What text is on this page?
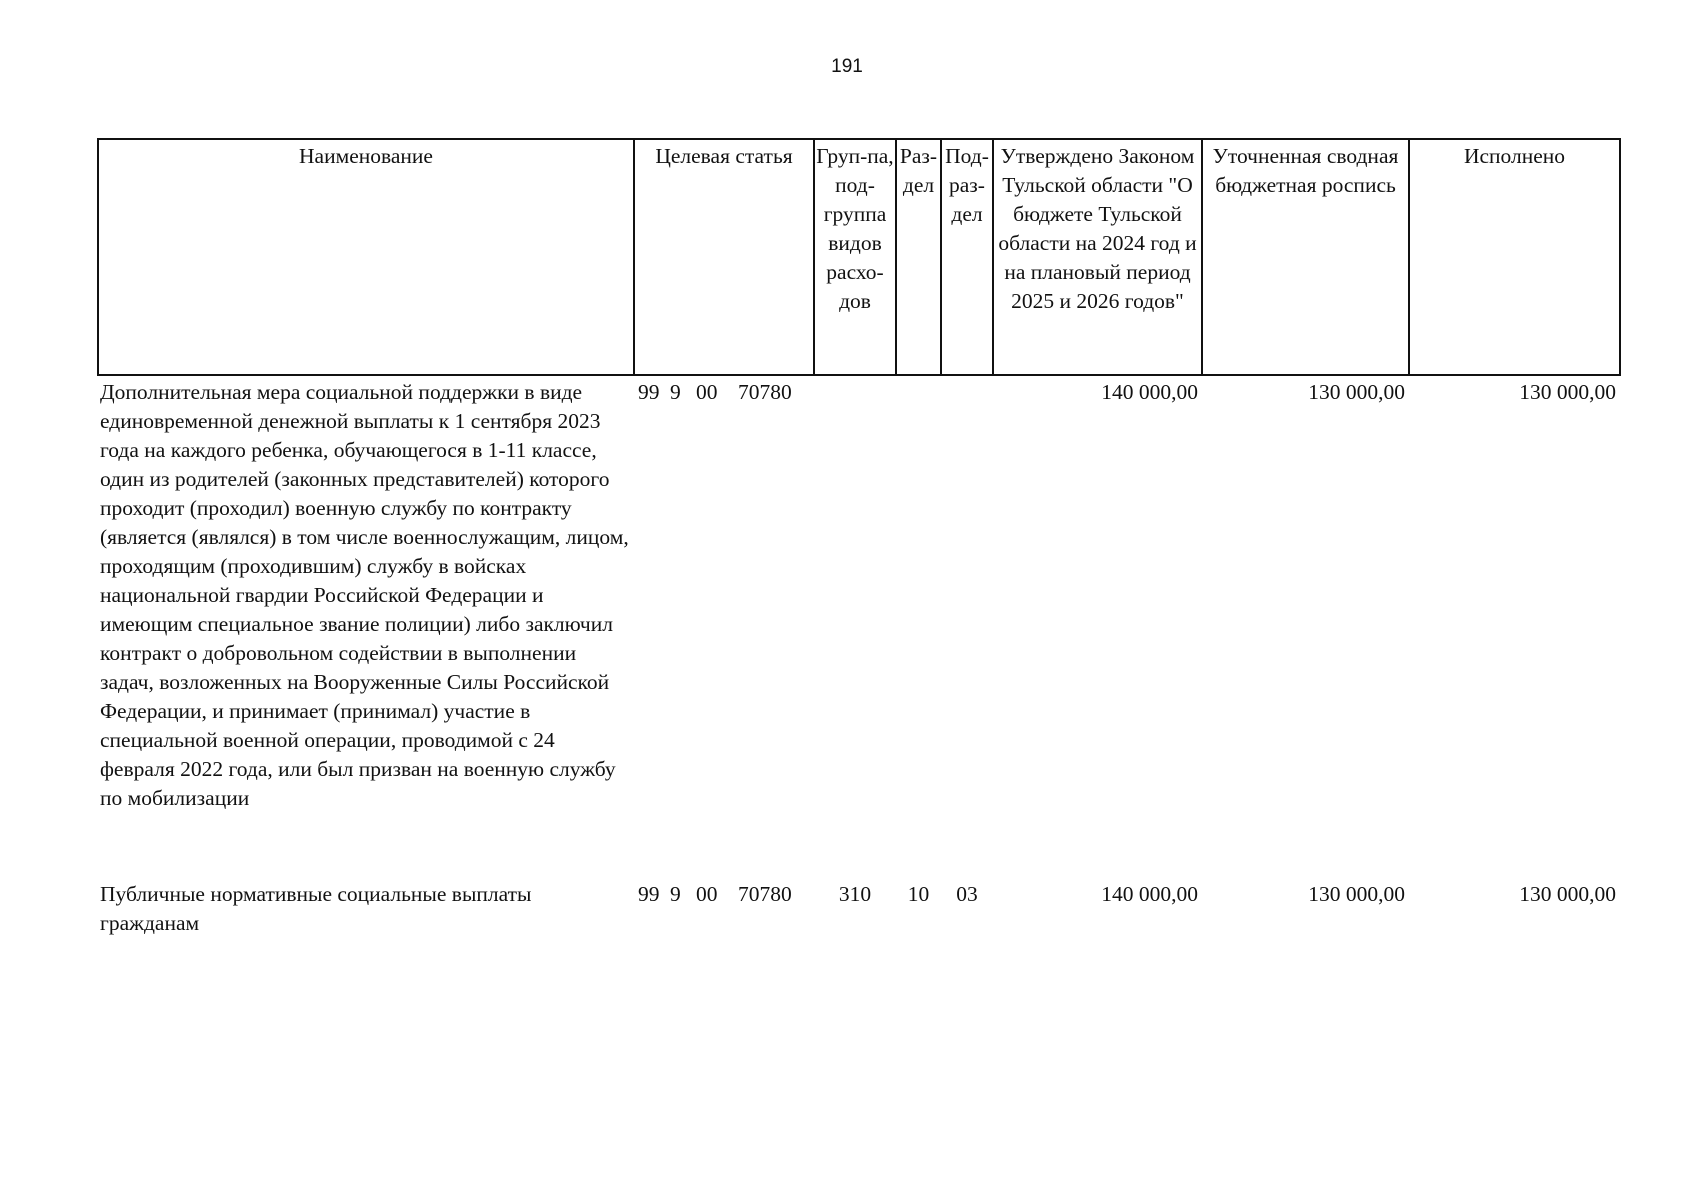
191
Наименование	Целевая статья	Груп-па, под-группа видов расхо-дов	Раз-дел	Под-раз-дел	Утверждено Законом Тульской области "О бюджете Тульской области на 2024 год и на плановый период 2025 и 2026 годов"	Уточненная сводная бюджетная роспись	Исполнено
Дополнительная мера социальной поддержки в виде единовременной денежной выплаты к 1 сентября 2023 года на каждого ребенка, обучающегося в 1-11 классе, один из родителей (законных представителей) которого проходит (проходил) военную службу по контракту (является (являлся) в том числе военнослужащим, лицом, проходящим (проходившим) службу в войсках национальной гвардии Российской Федерации и имеющим специальное звание полиции) либо заключил контракт о добровольном содействии в выполнении задач, возложенных на Вооруженные Силы Российской Федерации, и принимает (принимал) участие в специальной военной операции, проводимой с 24 февраля 2022 года, или был призван на военную службу по мобилизации	99 9 00 70780				140 000,00	130 000,00	130 000,00
Публичные нормативные социальные выплаты гражданам	99 9 00 70780	310	10	03	140 000,00	130 000,00	130 000,00
